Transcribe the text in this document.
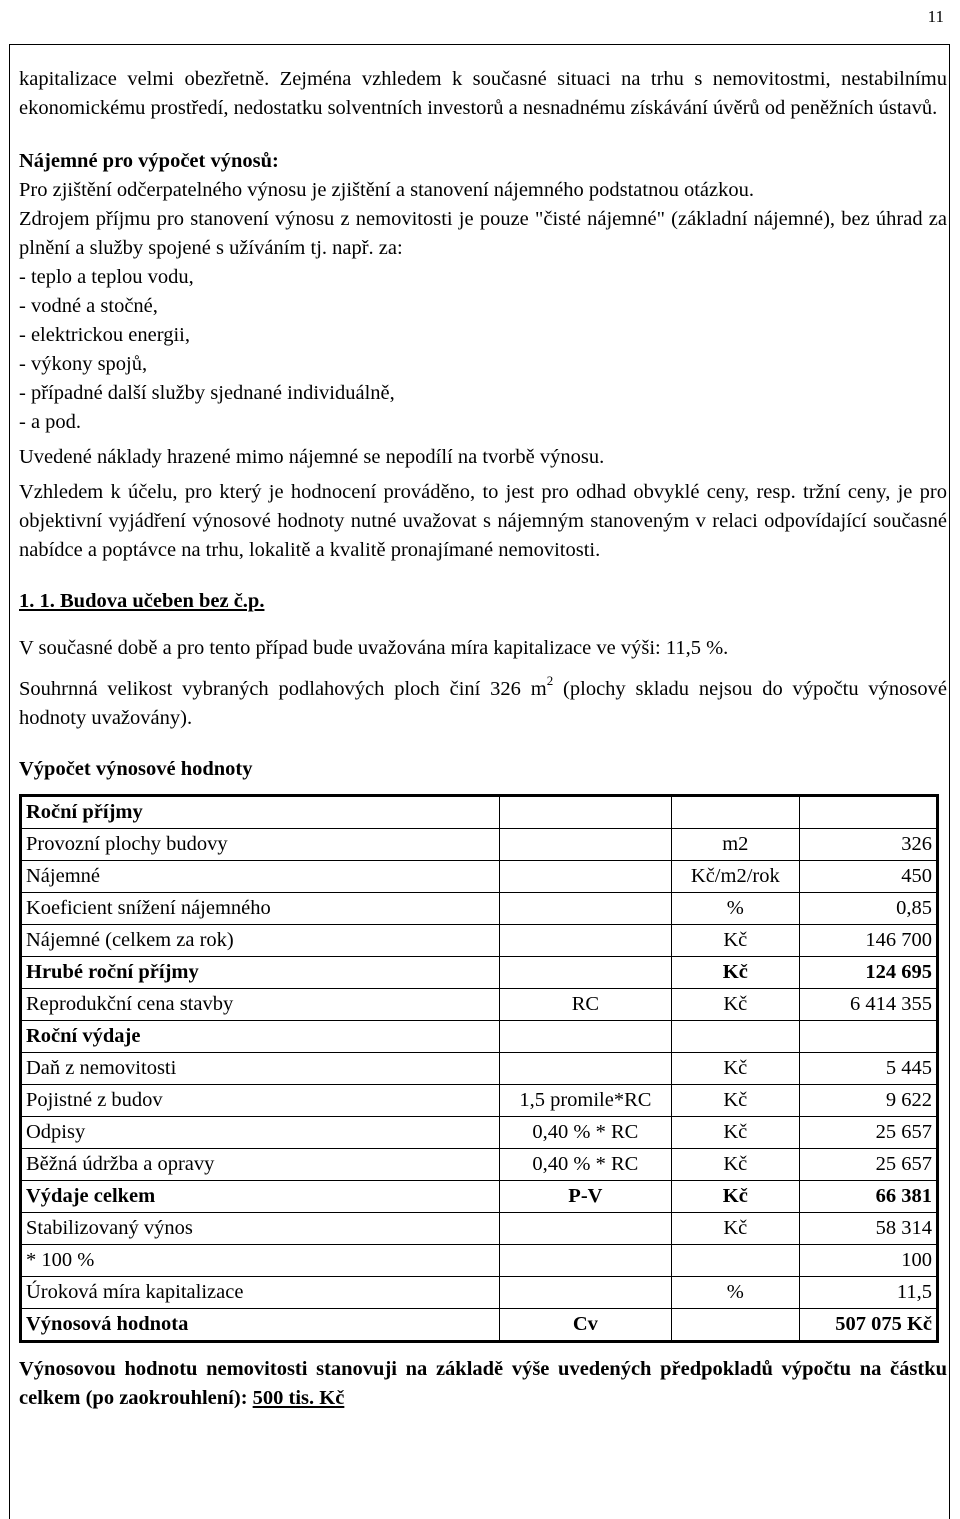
11

kapitalizace velmi obezřetně. Zejména vzhledem k současné situaci na trhu s nemovitostmi, nestabilnímu ekonomickému prostředí, nedostatku solventních investorů a nesnadnému získávání úvěrů od peněžních ústavů.

Nájemné pro výpočet výnosů:

Pro zjištění odčerpatelného výnosu je zjištění a stanovení nájemného podstatnou otázkou.

Zdrojem příjmu pro stanovení výnosu z nemovitosti je pouze "čisté nájemné" (základní nájemné), bez úhrad za plnění a služby spojené s užíváním tj. např. za:

- teplo a teplou vodu,

- vodné a stočné,

- elektrickou energii,

- výkony spojů,

- případné další služby sjednané individuálně,

- a pod.

Uvedené náklady hrazené mimo nájemné se nepodílí na tvorbě výnosu.

Vzhledem k účelu, pro který je hodnocení prováděno, to jest pro odhad obvyklé ceny, resp. tržní ceny, je pro objektivní vyjádření výnosové hodnoty nutné uvažovat s nájemným stanoveným v relaci odpovídající současné nabídce a poptávce na trhu, lokalitě a kvalitě pronajímané nemovitosti.

1. 1. Budova učeben bez č.p.

V současné době a pro tento případ bude uvažována míra kapitalizace ve výši: 11,5 %.

Souhrnná velikost vybraných podlahových ploch činí 326 $m^2$ (plochy skladu nejsou do výpočtu výnosové hodnoty uvažovány).

Výpočet výnosové hodnoty

Roční příjmy			
Provozní plochy budovy		m2	326
Nájemné		Kč/m2/rok	450
Koeficient snížení nájemného		%	0,85
Nájemné (celkem za rok)		Kč	146 700
Hrubé roční příjmy		Kč	124 695
Reprodukční cena stavby	RC	Kč	6 414 355
Roční výdaje			
Daň z nemovitosti		Kč	5 445
Pojistné z budov	1,5 promile*RC	Kč	9 622
Odpisy	0,40 % * RC	Kč	25 657
Běžná údržba a opravy	0,40 % * RC	Kč	25 657
Výdaje celkem	P-V	Kč	66 381
Stabilizovaný výnos		Kč	58 314
* 100 %			100
Úroková míra kapitalizace		%	11,5
Výnosová hodnota	Cv		507 075 Kč

Výnosovou hodnotu nemovitosti stanovuji na základě výše uvedených předpokladů výpočtu na částku celkem (po zaokrouhlení): 500 tis. Kč
